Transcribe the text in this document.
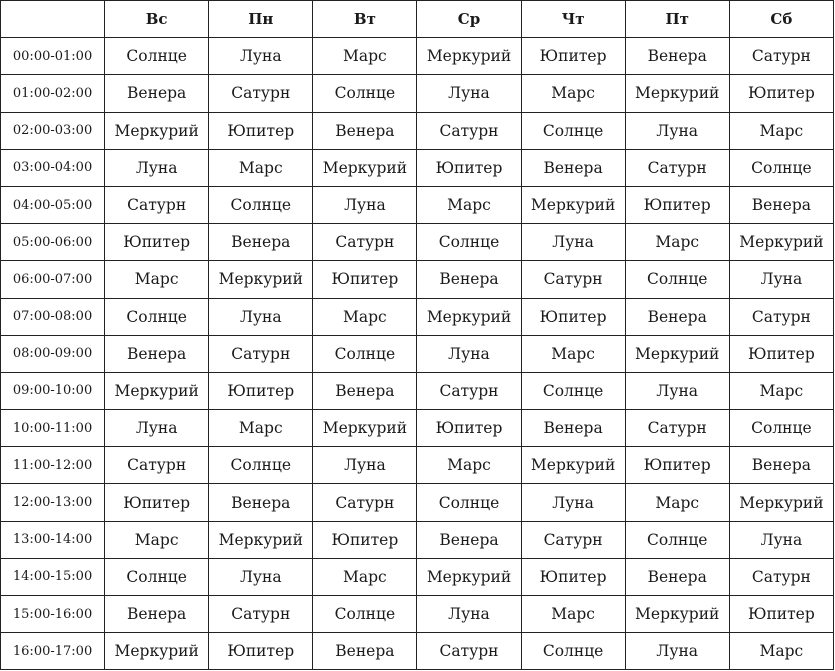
	Вс	Пн	Вт	Ср	Чт	Пт	Сб
00:00-01:00	Солнце	Луна	Марс	Меркурий	Юпитер	Венера	Сатурн
01:00-02:00	Венера	Сатурн	Солнце	Луна	Марс	Меркурий	Юпитер
02:00-03:00	Меркурий	Юпитер	Венера	Сатурн	Солнце	Луна	Марс
03:00-04:00	Луна	Марс	Меркурий	Юпитер	Венера	Сатурн	Солнце
04:00-05:00	Сатурн	Солнце	Луна	Марс	Меркурий	Юпитер	Венера
05:00-06:00	Юпитер	Венера	Сатурн	Солнце	Луна	Марс	Меркурий
06:00-07:00	Марс	Меркурий	Юпитер	Венера	Сатурн	Солнце	Луна
07:00-08:00	Солнце	Луна	Марс	Меркурий	Юпитер	Венера	Сатурн
08:00-09:00	Венера	Сатурн	Солнце	Луна	Марс	Меркурий	Юпитер
09:00-10:00	Меркурий	Юпитер	Венера	Сатурн	Солнце	Луна	Марс
10:00-11:00	Луна	Марс	Меркурий	Юпитер	Венера	Сатурн	Солнце
11:00-12:00	Сатурн	Солнце	Луна	Марс	Меркурий	Юпитер	Венера
12:00-13:00	Юпитер	Венера	Сатурн	Солнце	Луна	Марс	Меркурий
13:00-14:00	Марс	Меркурий	Юпитер	Венера	Сатурн	Солнце	Луна
14:00-15:00	Солнце	Луна	Марс	Меркурий	Юпитер	Венера	Сатурн
15:00-16:00	Венера	Сатурн	Солнце	Луна	Марс	Меркурий	Юпитер
16:00-17:00	Меркурий	Юпитер	Венера	Сатурн	Солнце	Луна	Марс
